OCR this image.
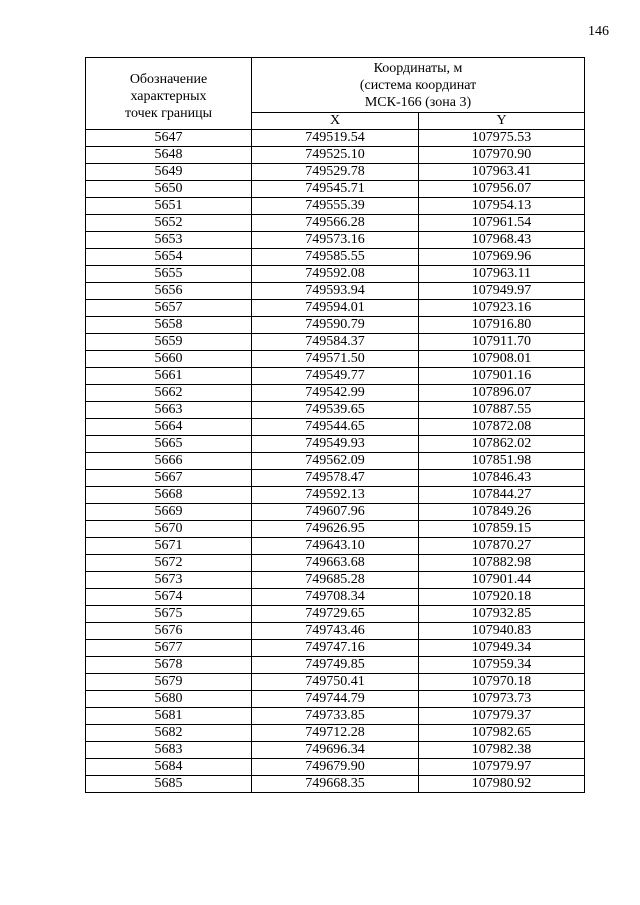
146
Обозначение
характерных
точек границы	Координаты, м
(система координат
МСК-166 (зона 3)	

	X	Y
5647	749519.54	107975.53
5648	749525.10	107970.90
5649	749529.78	107963.41
5650	749545.71	107956.07
5651	749555.39	107954.13
5652	749566.28	107961.54
5653	749573.16	107968.43
5654	749585.55	107969.96
5655	749592.08	107963.11
5656	749593.94	107949.97
5657	749594.01	107923.16
5658	749590.79	107916.80
5659	749584.37	107911.70
5660	749571.50	107908.01
5661	749549.77	107901.16
5662	749542.99	107896.07
5663	749539.65	107887.55
5664	749544.65	107872.08
5665	749549.93	107862.02
5666	749562.09	107851.98
5667	749578.47	107846.43
5668	749592.13	107844.27
5669	749607.96	107849.26
5670	749626.95	107859.15
5671	749643.10	107870.27
5672	749663.68	107882.98
5673	749685.28	107901.44
5674	749708.34	107920.18
5675	749729.65	107932.85
5676	749743.46	107940.83
5677	749747.16	107949.34
5678	749749.85	107959.34
5679	749750.41	107970.18
5680	749744.79	107973.73
5681	749733.85	107979.37
5682	749712.28	107982.65
5683	749696.34	107982.38
5684	749679.90	107979.97
5685	749668.35	107980.92
